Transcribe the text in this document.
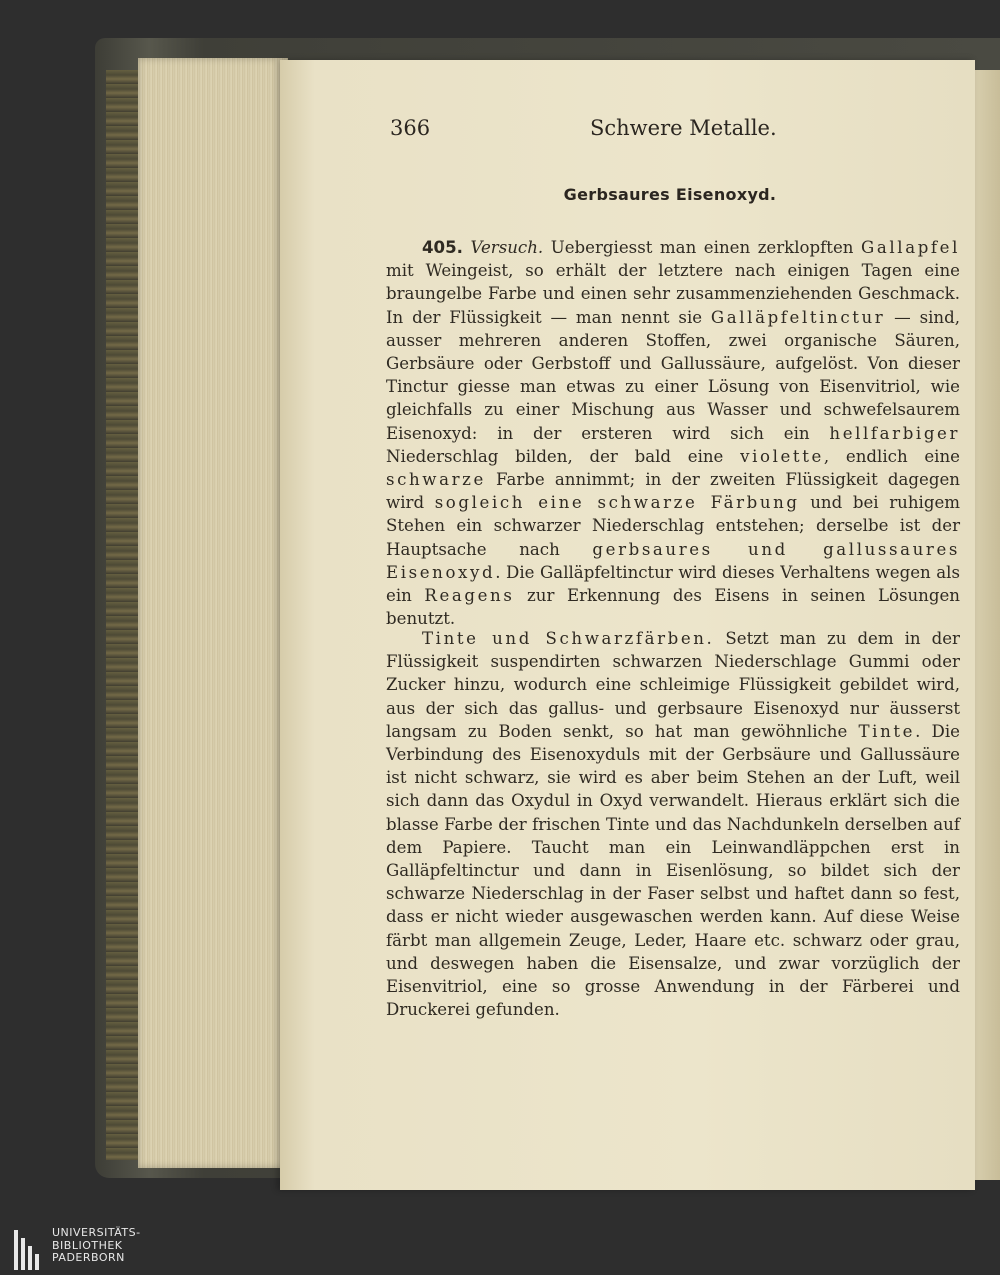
366	Schwere Metalle.
Gerbsaures Eisenoxyd.

405. Versuch. Uebergiesst man einen zerklopften Gallapfel mit Weingeist, so erhält der letztere nach einigen Tagen eine braungelbe Farbe und einen sehr zusammenziehenden Geschmack. In der Flüssigkeit — man nennt sie Galläpfeltinctur — sind, ausser mehreren anderen Stoffen, zwei organische Säuren, Gerbsäure oder Gerbstoff und Gallussäure, aufgelöst. Von dieser Tinctur giesse man etwas zu einer Lösung von Eisenvitriol, wie gleichfalls zu einer Mischung aus Wasser und schwefelsaurem Eisenoxyd: in der ersteren wird sich ein hellfarbiger Niederschlag bilden, der bald eine violette, endlich eine schwarze Farbe annimmt; in der zweiten Flüssigkeit dagegen wird sogleich eine schwarze Färbung und bei ruhigem Stehen ein schwarzer Niederschlag entstehen; derselbe ist der Hauptsache nach gerbsaures und gallussaures Eisenoxyd. Die Galläpfeltinctur wird dieses Verhaltens wegen als ein Reagens zur Erkennung des Eisens in seinen Lösungen benutzt.

Tinte und Schwarzfärben. Setzt man zu dem in der Flüssigkeit suspendirten schwarzen Niederschlage Gummi oder Zucker hinzu, wodurch eine schleimige Flüssigkeit gebildet wird, aus der sich das gallus- und gerbsaure Eisenoxyd nur äusserst langsam zu Boden senkt, so hat man gewöhnliche Tinte. Die Verbindung des Eisenoxyduls mit der Gerbsäure und Gallussäure ist nicht schwarz, sie wird es aber beim Stehen an der Luft, weil sich dann das Oxydul in Oxyd verwandelt. Hieraus erklärt sich die blasse Farbe der frischen Tinte und das Nachdunkeln derselben auf dem Papiere. Taucht man ein Leinwandläppchen erst in Galläpfeltinctur und dann in Eisenlösung, so bildet sich der schwarze Niederschlag in der Faser selbst und haftet dann so fest, dass er nicht wieder ausgewaschen werden kann. Auf diese Weise färbt man allgemein Zeuge, Leder, Haare etc. schwarz oder grau, und deswegen haben die Eisensalze, und zwar vorzüglich der Eisenvitriol, eine so grosse Anwendung in der Färberei und Druckerei gefunden.

UNIVERSITÄTS-
BIBLIOTHEK
PADERBORN
